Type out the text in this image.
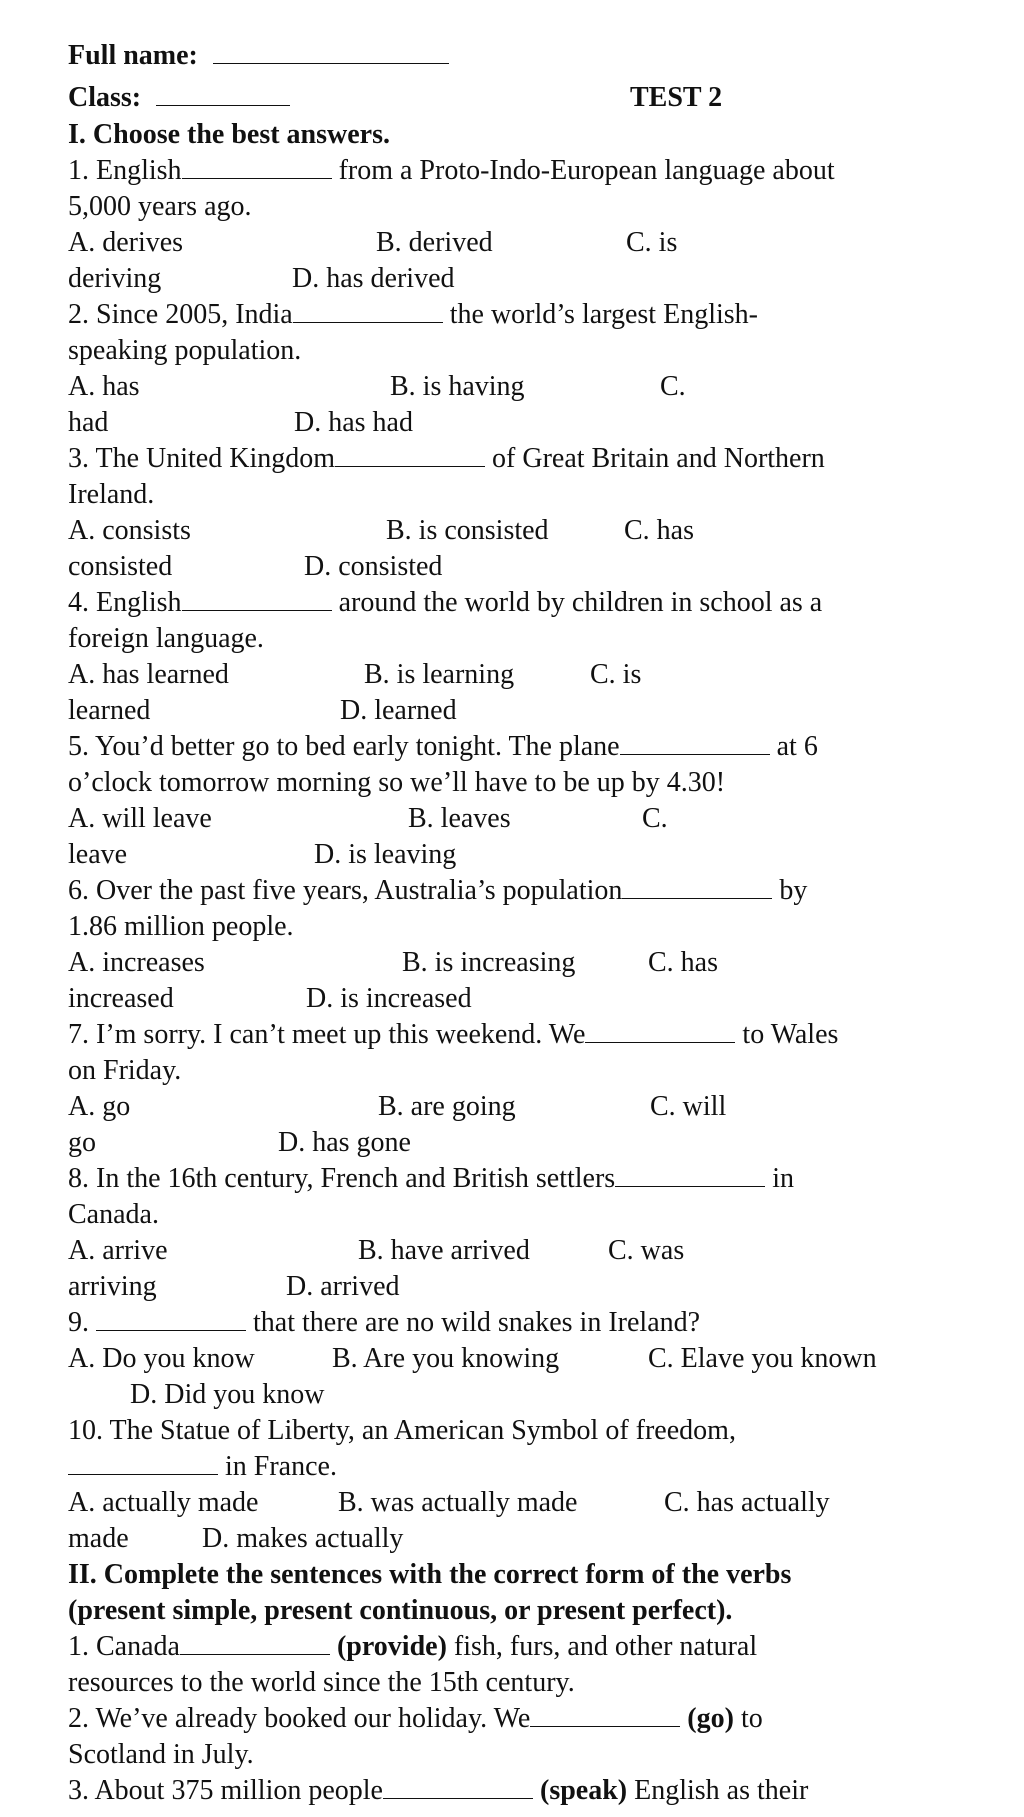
Full name:
Class:	TEST 2
I. Choose the best answers.
1. English	from a Proto-Indo-European language about
5,000 years ago.
A. derives	B. derived	C. is
deriving	D. has derived
2. Since 2005, India	the world’s largest English-
speaking population.
A. has	B. is having	C.
had	D. has had
3. The United Kingdom	of Great Britain and Northern
Ireland.
A. consists	B. is consisted	C. has
consisted	D. consisted
4. English	around the world by children in school as a
foreign language.
A. has learned	B. is learning	C. is
learned	D. learned
5. You’d better go to bed early tonight. The plane	at 6
o’clock tomorrow morning so we’ll have to be up by 4.30!
A. will leave	B. leaves	C.
leave	D. is leaving
6. Over the past five years, Australia’s population	by
1.86 million people.
A. increases	B. is increasing	C. has
increased	D. is increased
7. I’m sorry. I can’t meet up this weekend. We	to Wales
on Friday.
A. go	B. are going	C. will
go	D. has gone
8. In the 16th century, French and British settlers	in
Canada.
A. arrive	B. have arrived	C. was
arriving	D. arrived
9.	that there are no wild snakes in Ireland?
A. Do you know	B. Are you knowing	C. Elave you known
D. Did you know
10. The Statue of Liberty, an American Symbol of freedom,
in France.
A. actually made	B. was actually made	C. has actually
made	D. makes actually
II. Complete the sentences with the correct form of the verbs
(present simple, present continuous, or present perfect).
1. Canada	(provide) fish, furs, and other natural
resources to the world since the 15th century.
2. We’ve already booked our holiday. We	(go) to
Scotland in July.
3. About 375 million people	(speak) English as their
